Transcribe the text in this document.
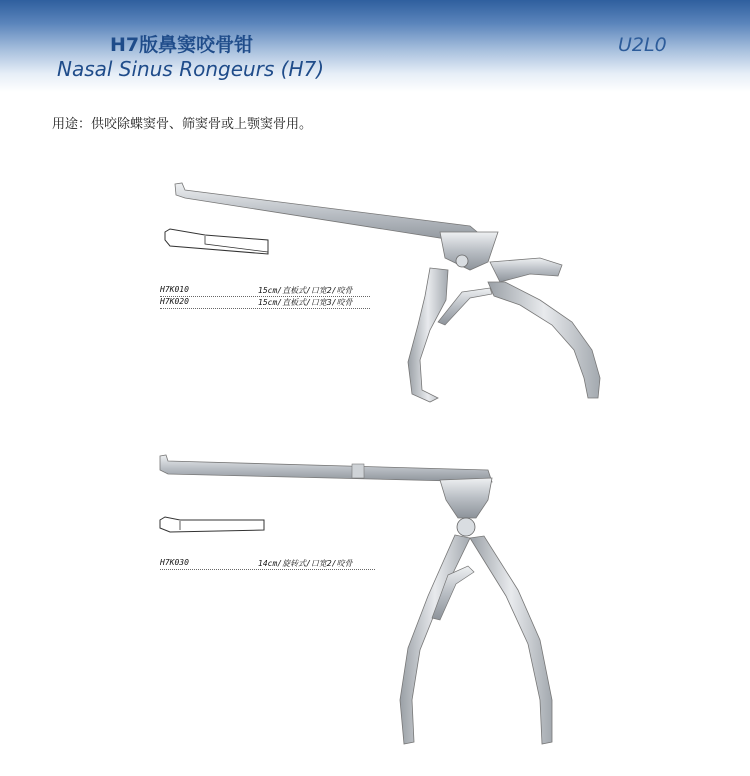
H7版鼻窦咬骨钳
Nasal Sinus Rongeurs (H7)
U2L0
用途：供咬除蝶窦骨、筛窦骨或上颚窦骨用。
H7K010	15cm/直板式/口宽2/咬骨
H7K020	15cm/直板式/口宽3/咬骨
H7K030	14cm/旋转式/口宽2/咬骨
